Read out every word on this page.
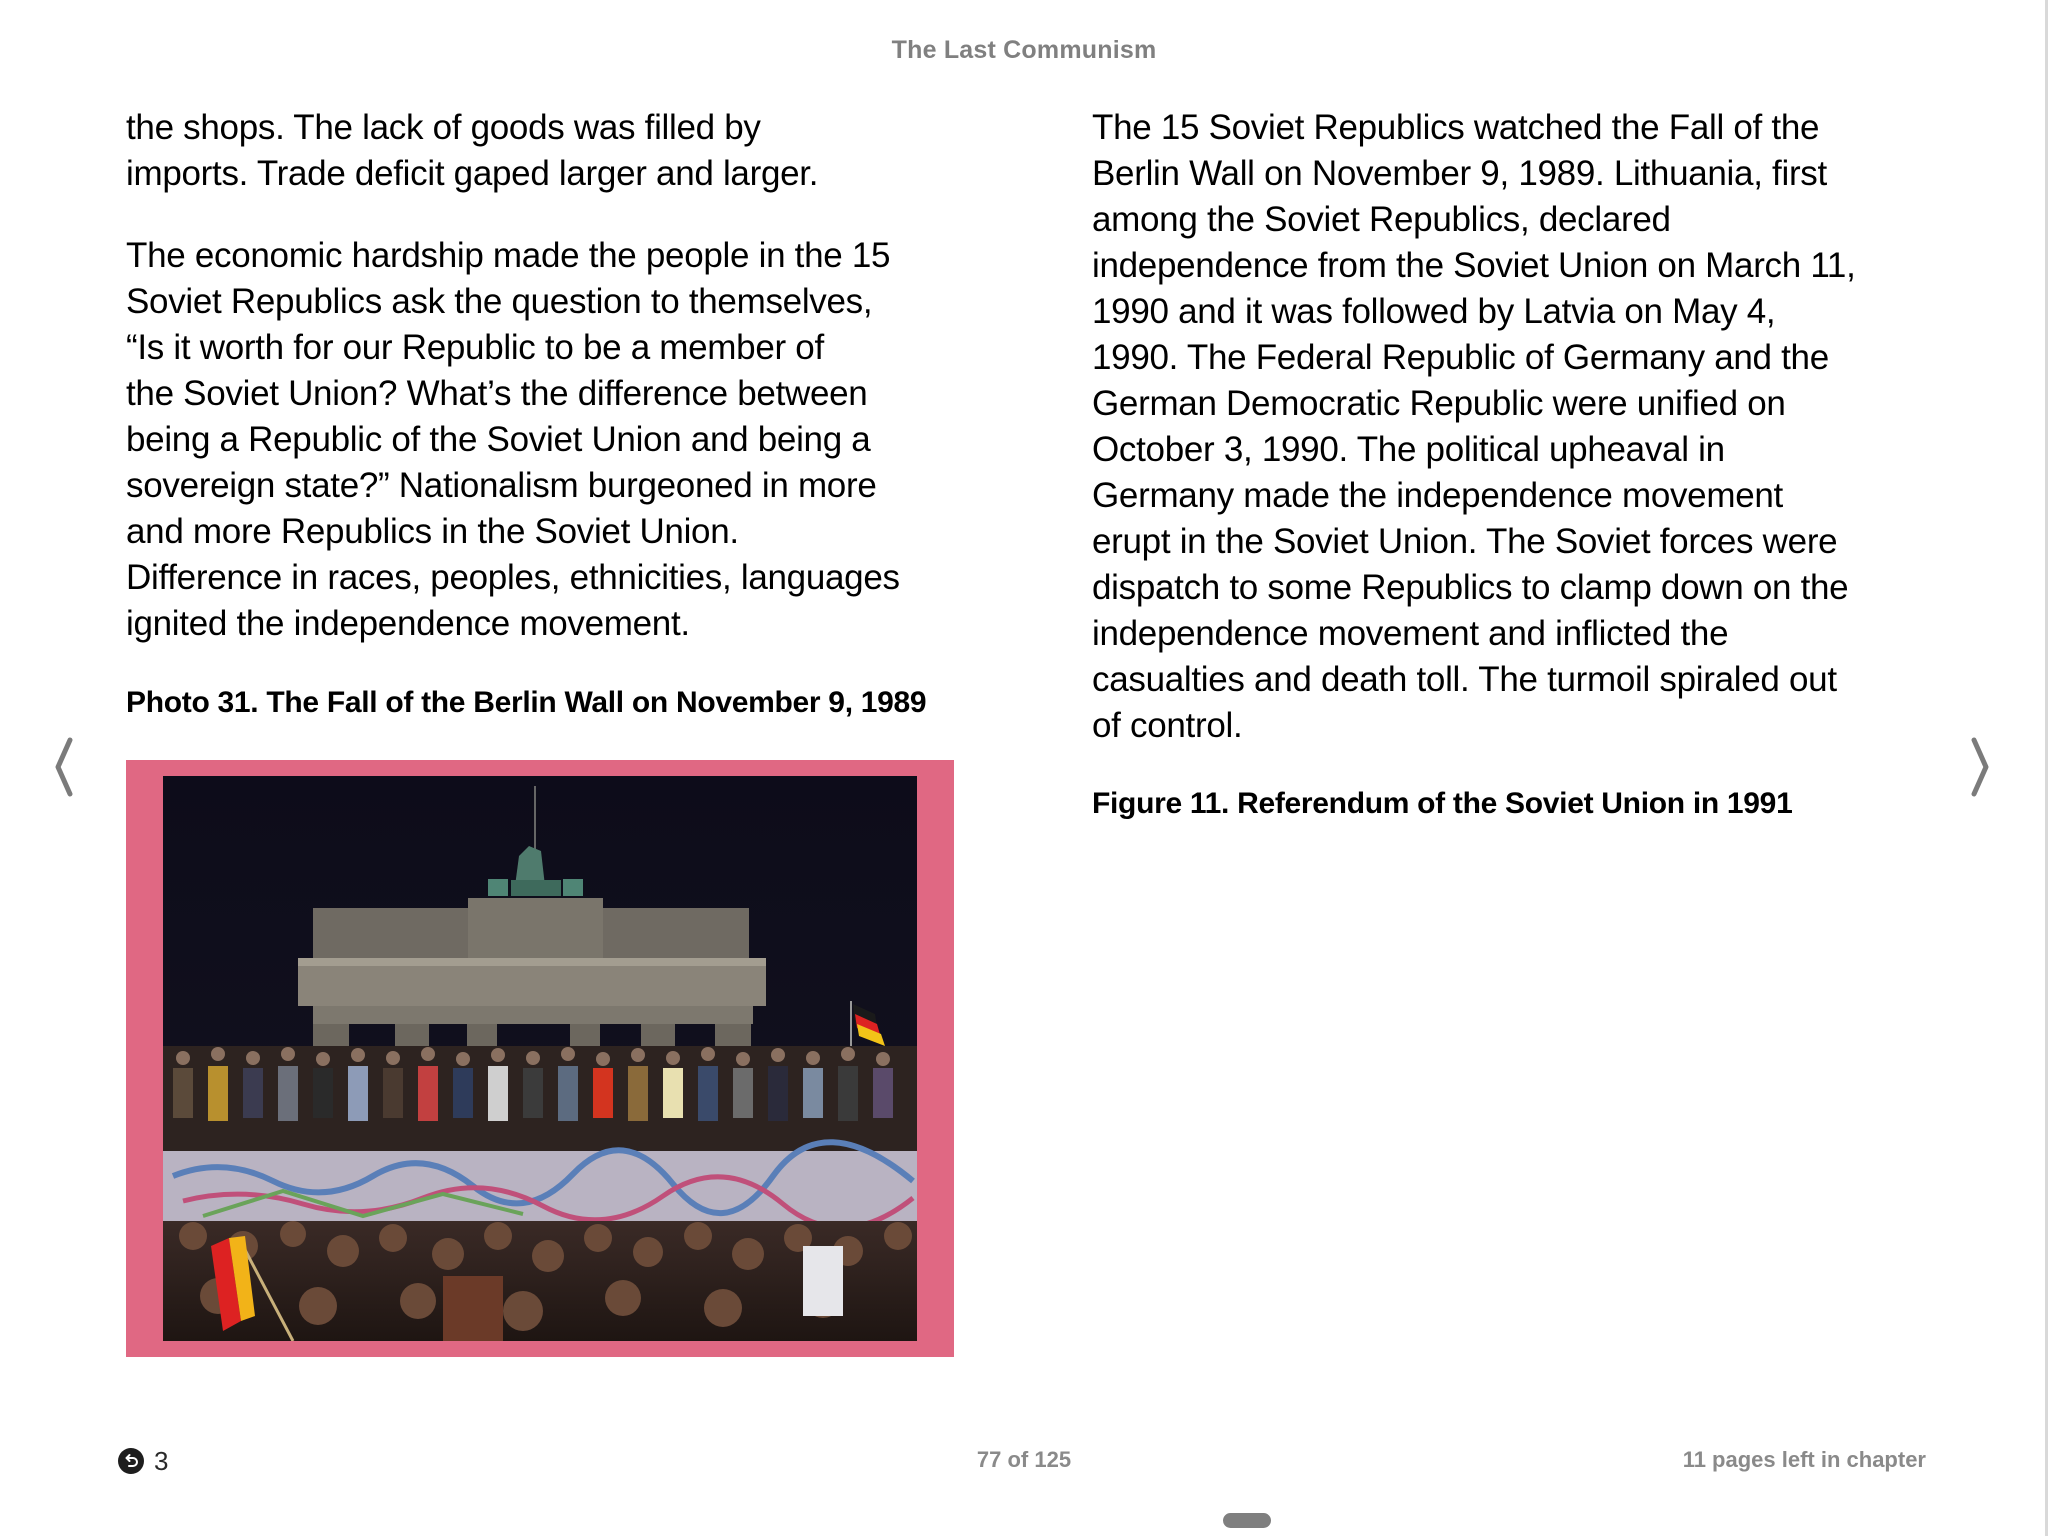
The Last Communism
the shops. The lack of goods was filled by
imports. Trade deficit gaped larger and larger.
The economic hardship made the people in the 15
Soviet Republics ask the question to themselves,
“Is it worth for our Republic to be a member of
the Soviet Union? What’s the difference between
being a Republic of the Soviet Union and being a
sovereign state?” Nationalism burgeoned in more
and more Republics in the Soviet Union.
Difference in races, peoples, ethnicities, languages
ignited the independence movement.
Photo 31. The Fall of the Berlin Wall on November 9, 1989
The 15 Soviet Republics watched the Fall of the
Berlin Wall on November 9, 1989. Lithuania, first
among the Soviet Republics, declared
independence from the Soviet Union on March 11,
1990 and it was followed by Latvia on May 4,
1990. The Federal Republic of Germany and the
German Democratic Republic were unified on
October 3, 1990. The political upheaval in
Germany made the independence movement
erupt in the Soviet Union. The Soviet forces were
dispatch to some Republics to clamp down on the
independence movement and inflicted the
casualties and death toll. The turmoil spiraled out
of control.
Figure 11. Referendum of the Soviet Union in 1991
3	77 of 125	11 pages left in chapter
